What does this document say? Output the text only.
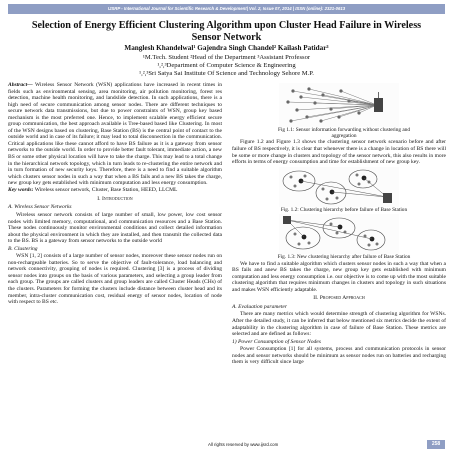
IJSRP - International Journal for Scientific Research & Development| Vol. 2, Issue 07, 2014 | ISSN (online): 2321-0613
Selection of Energy Efficient Clustering Algorithm upon Cluster Head Failure in Wireless Sensor Network
Manglesh Khandelwal¹ Gajendra Singh Chandel² Kailash Patidar³
¹M.Tech. Student ²Head of the Department ³Assistant Professor
¹,²,³Department of Computer Science & Engineering
¹,²,³Sri Satya Sai Institute Of Science and Technology Sehore M.P.

Abstract— Wireless Sensor Network (WSN) applications have increased in recent times in fields such as environmental sensing, area monitoring, air pollution monitoring, forest res detection, machine health monitoring, and landslide detection. In such applications, there is a high need of secure communication among sensor nodes. There are different techniques to secure network data transmissions, but due to power constraints of WSN, group key based mechanism is the most preferred one. Hence, to implement scalable energy efficient secure group communication, the best approach available is Tree-based based like Clustering. In most of the WSN designs based on clustering, Base Station (BS) is the central point of contact to the outside world and in case of its failure; it may lead to total disconnection in the communication. Critical applications like these cannot afford to have BS failure as it is a gateway from sensor networks to the outside world. In order to provide better fault tolerant, immediate action, a new BS or some other physical location will have to take the charge. This may lead to a total change in the hierarchical network topology, which in turn leads to re-clustering the entire network and in turn formation of new security keys. Therefore, there is a need to find a suitable algorithm which clusters sensor nodes in such a way that when a BS fails and a new BS takes the charge, new group key gets established with minimum computation and less energy consumption.

Key words: Wireless sensor network, Cluster, Base Station, HEED, LLCML

I. Introduction
A. Wireless Sensor Networks

Wireless sensor network consists of large number of small, low power, low cost sensor nodes with limited memory, computational, and communication resources and a Base Station. These nodes continuously monitor environmental conditions and collect detailed information about the physical environment in which they are installed, and then transmit the collected data to the BS. BS is a gateway from sensor networks to the outside world

B. Clustering

WSN [1, 2] consists of a large number of sensor nodes, moreover these sensor nodes run on non-rechargeable batteries. So to serve the objective of fault-tolerance, load balancing and network connectivity, grouping of nodes is required. Clustering [3] is a process of dividing sensor nodes into groups on the basis of various parameters, and selecting a group leader from each group. The groups are called clusters and group leaders are called Cluster Heads (CHs) of the clusters. Parameters for forming the clusters include distance between cluster head and its member, intra-cluster communication cost, residual energy of sensor nodes, location of node with respect to BS etc.

Fig 1.1: Sensor information forwarding without clustering and aggregation

Figure 1.2 and Figure 1.3 shows the clustering sensor network scenario before and after failure of BS respectively, it is clear that whenever there is a change in location of BS there will be some or more change in clusters and topology of the sensor network, this also results in more efforts in terms of energy consumption and time for establishment of new group key.

Fig. 1.2: Clustering hierarchy before failure of Base Station
Fig. 1.3: New clustering hierarchy after failure of Base Station

We have to find a suitable algorithm which clusters sensor nodes in such a way that when a BS fails and anew BS takes the charge, new group key gets established with minimum computation and less energy consumption i.e. our objective is to come up with the most suitable clustering algorithm that requires minimum changes in clusters and topology in such situations and makes WSN efficiently adaptable.

II. Proposed Approach
A. Evaluation parameter

There are many metrics which would determine strength of clustering algorithm for WSNs. After the detailed study, it can be inferred that below mentioned six metrics decide the extent of adaptability in the clustering algorithm in case of failure of Base Station. These metrics are selected and are defined as follows:

1) Power Consumption of Sensor Nodes

Power Consumption [1] for all systems, process and communication protocols in sensor nodes and sensor networks should be minimum as sensor nodes run on batteries and recharging them is very difficult since large

All rights reserved by www.ijsrd.com	258
